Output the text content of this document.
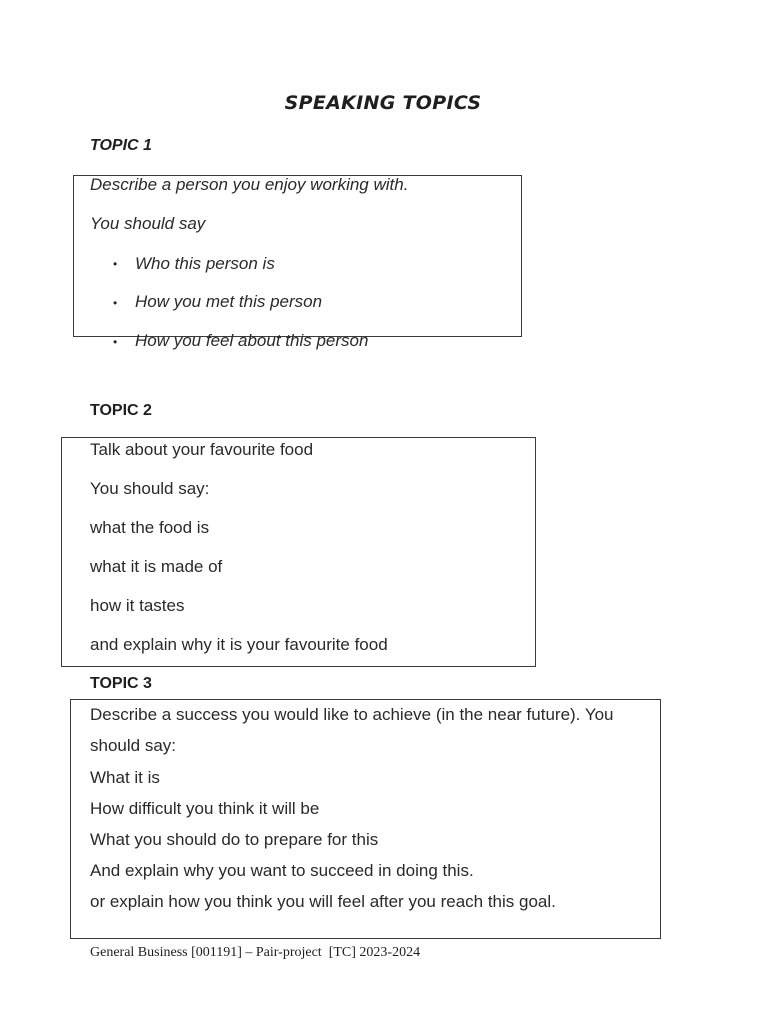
SPEAKING TOPICS
TOPIC 1
Describe a person you enjoy working with.
You should say
• Who this person is
• How you met this person
• How you feel about this person
TOPIC 2
Talk about your favourite food
You should say:
what the food is
what it is made of
how it tastes
and explain why it is your favourite food
TOPIC 3
Describe a success you would like to achieve (in the near future). You
should say:
What it is
How difficult you think it will be
What you should do to prepare for this
And explain why you want to succeed in doing this.
or explain how you think you will feel after you reach this goal.
General Business [001191] – Pair-project  [TC] 2023-2024
